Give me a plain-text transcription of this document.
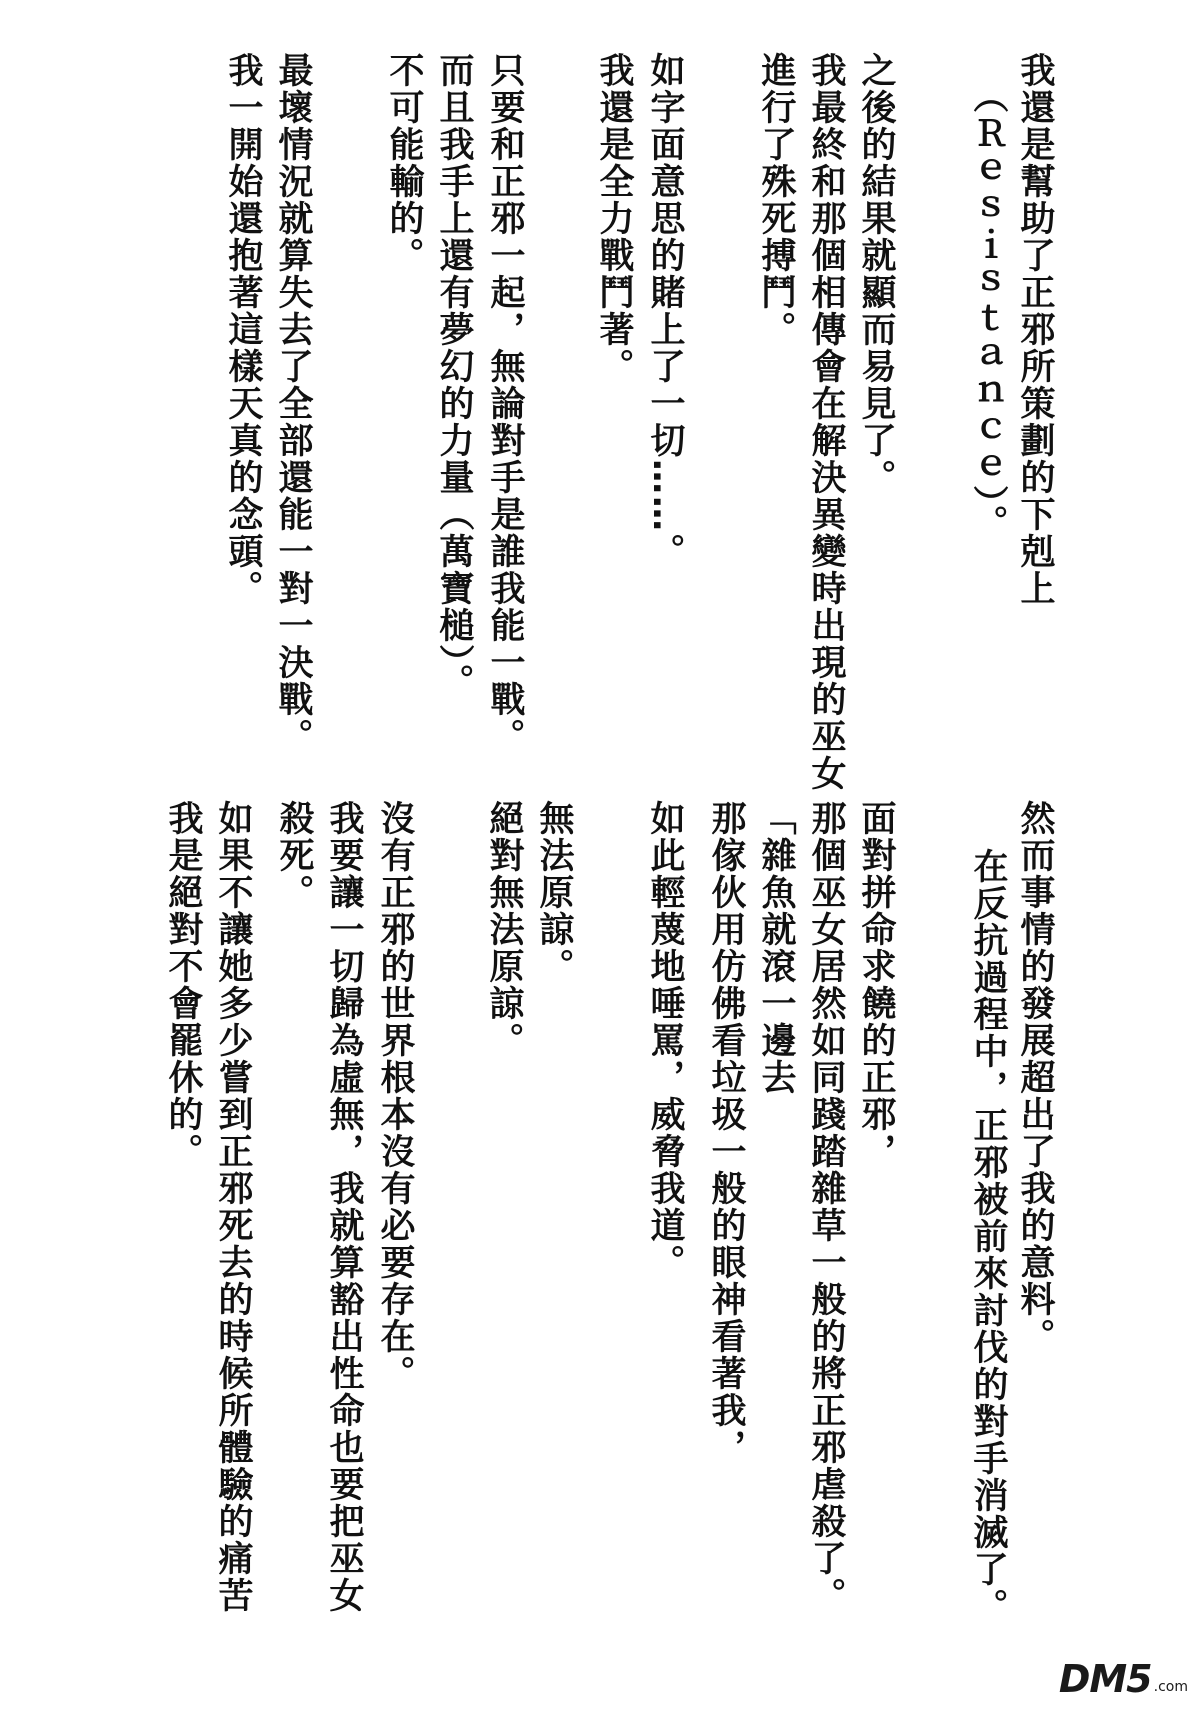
我還是幫助了正邪所策劃的下剋上
（Ｒｅｓｉｓｔａｎｃｅ）。
之後的結果就顯而易見了。
我最終和那個相傳會在解決異變時出現的巫女
進行了殊死搏鬥。
如字面意思的賭上了一切……。
我還是全力戰鬥著。
只要和正邪一起，無論對手是誰我能一戰。
而且我手上還有夢幻的力量（萬寶槌）。
不可能輸的。
最壞情況就算失去了全部還能一對一決戰。
我一開始還抱著這樣天真的念頭。
然而事情的發展超出了我的意料。
在反抗過程中，正邪被前來討伐的對手消滅了。
面對拼命求饒的正邪，
那個巫女居然如同踐踏雜草一般的將正邪虐殺了。
「雜魚就滾一邊去
那傢伙用仿佛看垃圾一般的眼神看著我，
如此輕蔑地唾罵，威脅我道。
無法原諒。
絕對無法原諒。
沒有正邪的世界根本沒有必要存在。
我要讓一切歸為虛無，我就算豁出性命也要把巫女
殺死。
如果不讓她多少嘗到正邪死去的時候所體驗的痛苦
我是絕對不會罷休的。
DM5 .com
